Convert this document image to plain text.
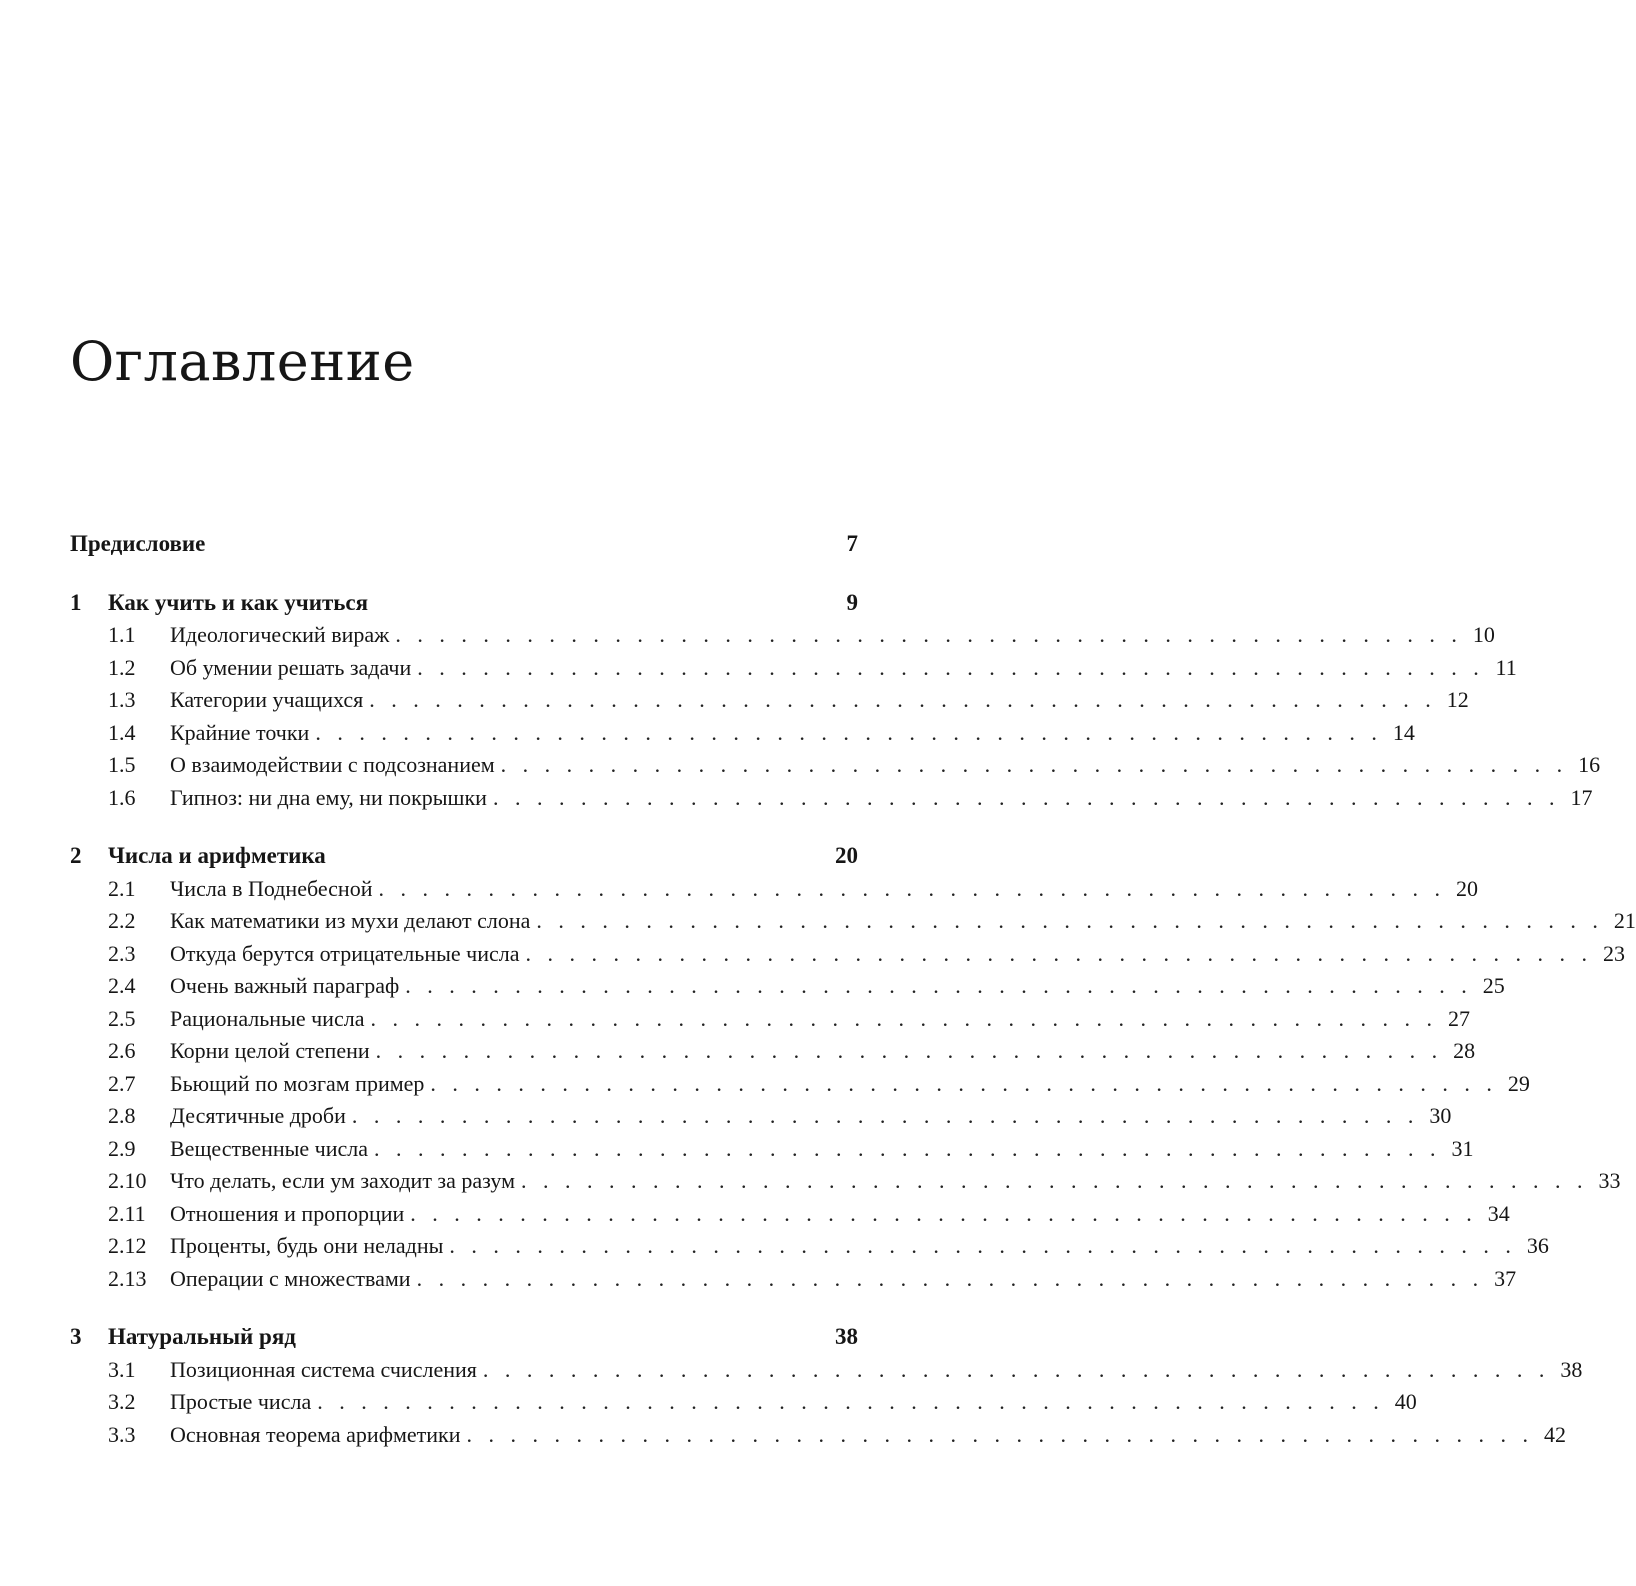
Оглавление
Предисловие	7
1	Как учить и как учиться	9
1.1	Идеологический вираж . .	10
1.2	Об умении решать задачи . .	11
1.3	Категории учащихся . .	12
1.4	Крайние точки . .	14
1.5	О взаимодействии с подсознанием . .	16
1.6	Гипноз: ни дна ему, ни покрышки . .	17
2	Числа и арифметика	20
2.1	Числа в Поднебесной . .	20
2.2	Как математики из мухи делают слона . .	21
2.3	Откуда берутся отрицательные числа . .	23
2.4	Очень важный параграф . .	25
2.5	Рациональные числа . .	27
2.6	Корни целой степени . .	28
2.7	Бьющий по мозгам пример . .	29
2.8	Десятичные дроби . .	30
2.9	Вещественные числа . .	31
2.10	Что делать, если ум заходит за разум . .	33
2.11	Отношения и пропорции . .	34
2.12	Проценты, будь они неладны . .	36
2.13	Операции с множествами . .	37
3	Натуральный ряд	38
3.1	Позиционная система счисления . .	38
3.2	Простые числа . .	40
3.3	Основная теорема арифметики . .	42
